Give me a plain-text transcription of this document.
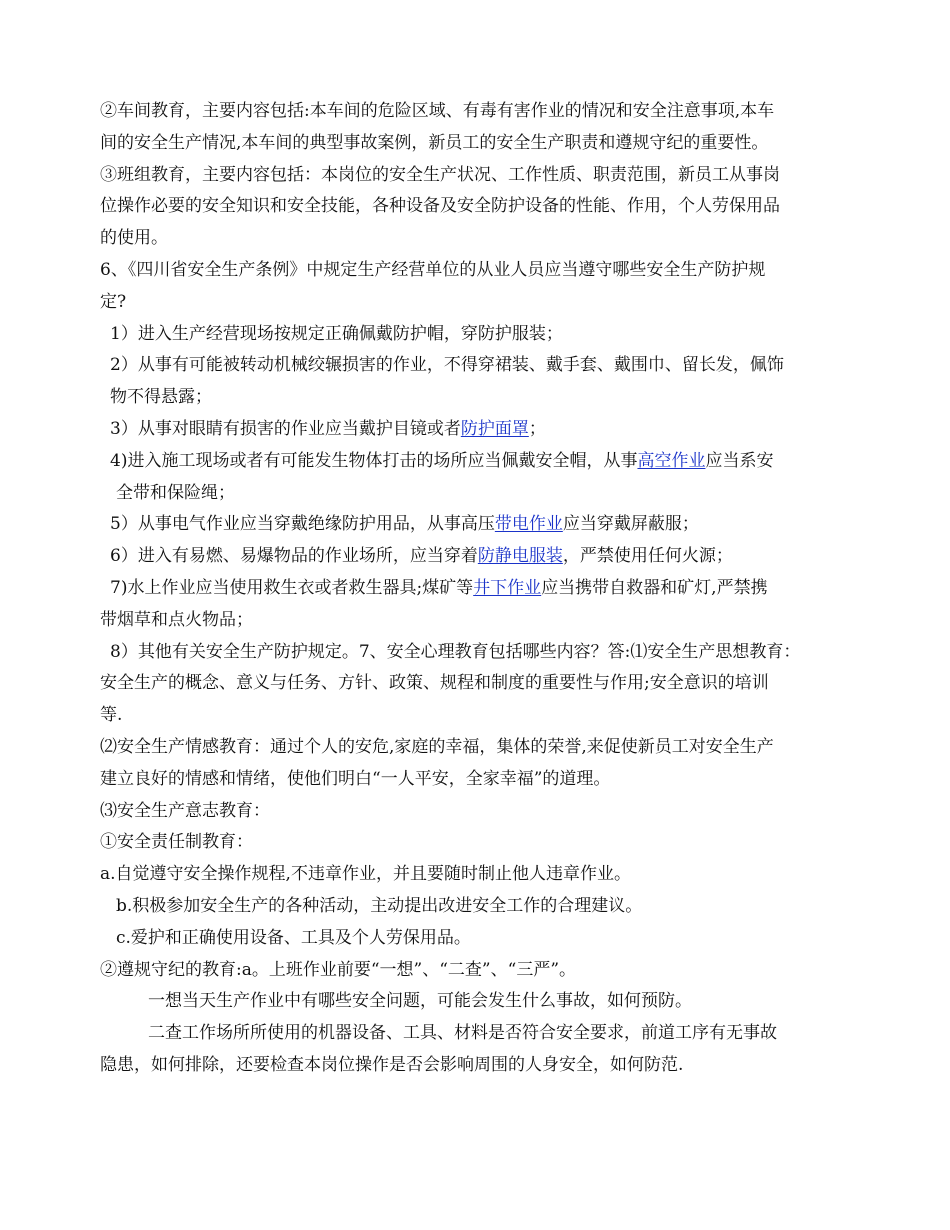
②车间教育，主要内容包括:本车间的危险区域、有毒有害作业的情况和安全注意事项,本车
间的安全生产情况,本车间的典型事故案例，新员工的安全生产职责和遵规守纪的重要性。
③班组教育，主要内容包括：本岗位的安全生产状况、工作性质、职责范围，新员工从事岗
位操作必要的安全知识和安全技能，各种设备及安全防护设备的性能、作用，个人劳保用品
的使用。
6、《四川省安全生产条例》中规定生产经营单位的从业人员应当遵守哪些安全生产防护规
定?
1）进入生产经营现场按规定正确佩戴防护帽，穿防护服装；
2）从事有可能被转动机械绞辗损害的作业，不得穿裙装、戴手套、戴围巾、留长发，佩饰
物不得悬露；
3）从事对眼睛有损害的作业应当戴护目镜或者防护面罩；
4)进入施工现场或者有可能发生物体打击的场所应当佩戴安全帽，从事高空作业应当系安
全带和保险绳；
5）从事电气作业应当穿戴绝缘防护用品，从事高压带电作业应当穿戴屏蔽服；
6）进入有易燃、易爆物品的作业场所，应当穿着防静电服装，严禁使用任何火源；
7)水上作业应当使用救生衣或者救生器具;煤矿等井下作业应当携带自救器和矿灯,严禁携
带烟草和点火物品；
8）其他有关安全生产防护规定。7、安全心理教育包括哪些内容？答:⑴安全生产思想教育：
安全生产的概念、意义与任务、方针、政策、规程和制度的重要性与作用;安全意识的培训
等.
⑵安全生产情感教育：通过个人的安危,家庭的幸福，集体的荣誉,来促使新员工对安全生产
建立良好的情感和情绪，使他们明白“一人平安，全家幸福”的道理。
⑶安全生产意志教育：
①安全责任制教育：
a.自觉遵守安全操作规程,不违章作业，并且要随时制止他人违章作业。
b.积极参加安全生产的各种活动，主动提出改进安全工作的合理建议。
c.爱护和正确使用设备、工具及个人劳保用品。
②遵规守纪的教育:a。上班作业前要“一想”、“二查”、“三严”。
一想当天生产作业中有哪些安全问题，可能会发生什么事故，如何预防。
二查工作场所所使用的机器设备、工具、材料是否符合安全要求，前道工序有无事故
隐患，如何排除，还要检查本岗位操作是否会影响周围的人身安全，如何防范.
